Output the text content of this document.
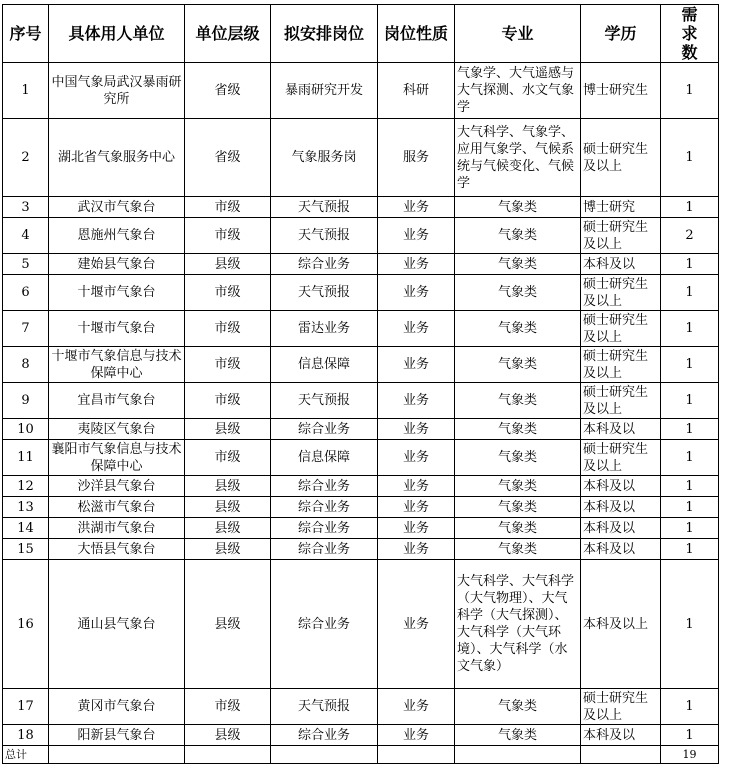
序号	具体用人单位	单位层级	拟安排岗位	岗位性质	专业	学历	需求数
1	中国气象局武汉暴雨研究所	省级	暴雨研究开发	科研	气象学、大气遥感与大气探测、水文气象学	博士研究生	1
2	湖北省气象服务中心	省级	气象服务岗	服务	大气科学、气象学、应用气象学、气候系统与气候变化、气候学	硕士研究生及以上	1
3	武汉市气象台	市级	天气预报	业务	气象类	博士研究	1
4	恩施州气象台	市级	天气预报	业务	气象类	硕士研究生及以上	2
5	建始县气象台	县级	综合业务	业务	气象类	本科及以	1
6	十堰市气象台	市级	天气预报	业务	气象类	硕士研究生及以上	1
7	十堰市气象台	市级	雷达业务	业务	气象类	硕士研究生及以上	1
8	十堰市气象信息与技术保障中心	市级	信息保障	业务	气象类	硕士研究生及以上	1
9	宜昌市气象台	市级	天气预报	业务	气象类	硕士研究生及以上	1
10	夷陵区气象台	县级	综合业务	业务	气象类	本科及以	1
11	襄阳市气象信息与技术保障中心	市级	信息保障	业务	气象类	硕士研究生及以上	1
12	沙洋县气象台	县级	综合业务	业务	气象类	本科及以	1
13	松滋市气象台	县级	综合业务	业务	气象类	本科及以	1
14	洪湖市气象台	县级	综合业务	业务	气象类	本科及以	1
15	大悟县气象台	县级	综合业务	业务	气象类	本科及以	1
16	通山县气象台	县级	综合业务	业务	大气科学、大气科学（大气物理）、大气科学（大气探测）、大气科学（大气环境）、大气科学（水文气象）	本科及以上	1
17	黄冈市气象台	市级	天气预报	业务	气象类	硕士研究生及以上	1
18	阳新县气象台	县级	综合业务	业务	气象类	本科及以	1
总计							19
